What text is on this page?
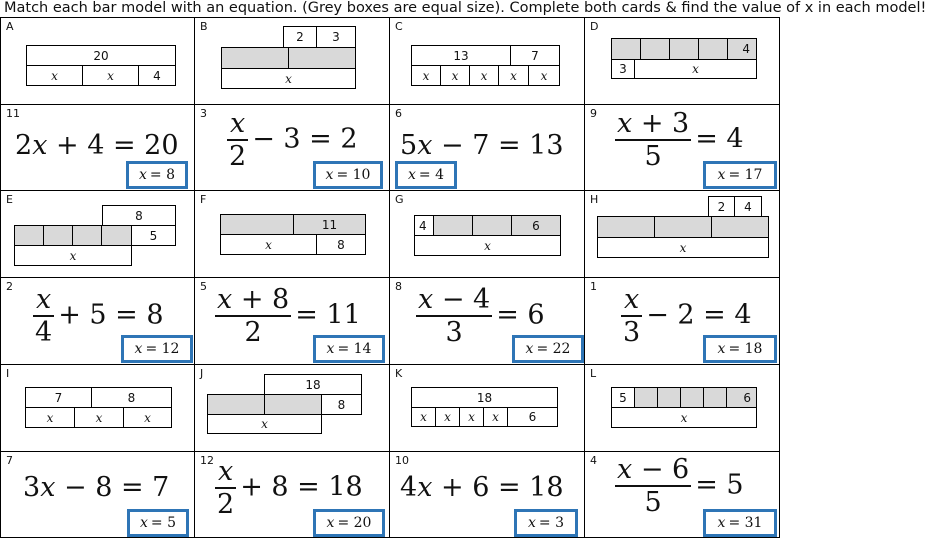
Match each bar model with an equation. (Grey boxes are equal size). Complete both cards & find the value of x in each model!
A
20
x	x	4
B
2	3
x
C
13	7
x	x	x	x	x
D
4
3	x
11
2x + 4 = 20
x = 8
$3 \frac{x}{2} - 3 = 2$
x = 10
6
5x − 7 = 13
x = 4
$9 \frac{x + 3}{5} = 4$
x = 17
E
8
5
x
F
11
x	8
G
4	6
x
H	2	4
x
$2 \frac{x}{4} + 5 = 8$
x = 12
$5 \frac{x + 8}{2} = 11$
x = 14
$8 \frac{x - 4}{3} = 6$
x = 22
$1 \frac{x}{3} - 2 = 4$
x = 18
I
7	8
x	x	x
J
18
8
x
K
18
x	x	x	x	6
L
5	6
x
7
3x − 8 = 7
x = 5
$12 \frac{x}{2} + 8 = 18$
x = 20
10
4x + 6 = 18
x = 3
$4 \frac{x - 6}{5} = 5$
x = 31
